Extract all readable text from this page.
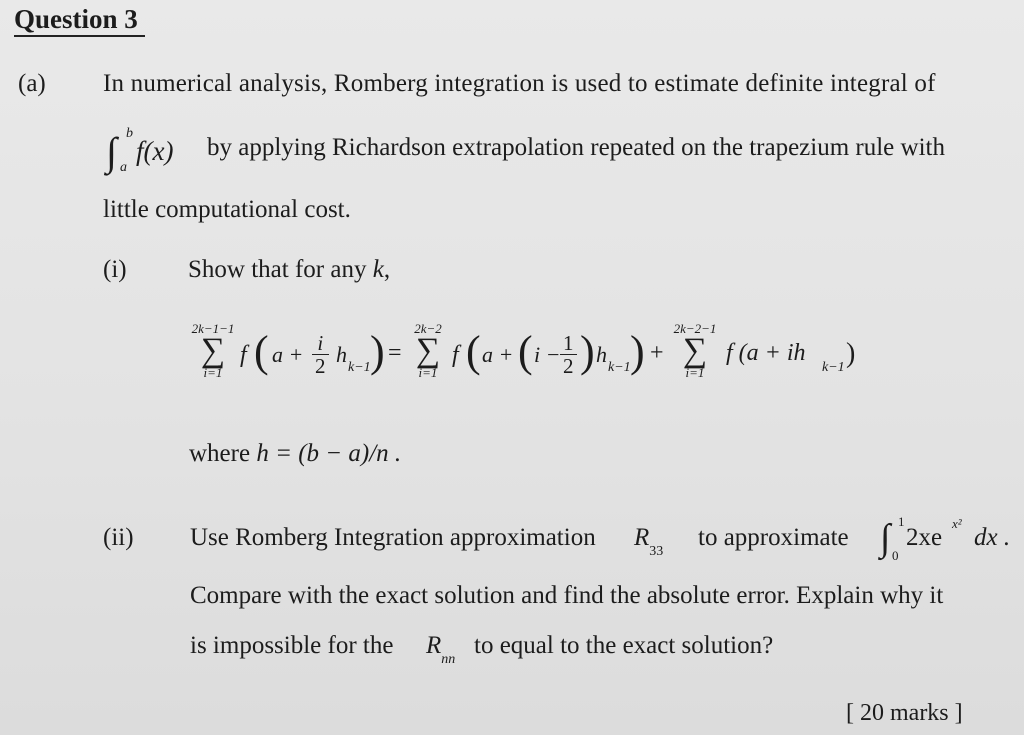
Question 3
(a) In numerical analysis, Romberg integration is used to estimate definite integral of
∫ b
a
f(x) by applying Richardson extrapolation repeated on the trapezium rule with
little computational cost.
(i) Show that for any k,
2k−1−1
∑
i=1
f ( $a + \frac{i}{2}$ h
k−1 ) =
2k−2
∑
i=1
f ( a + ( $i - \frac{1}{2}$ ) h
k−1 ) +
2k−2−1
∑
i=1
f (a + ih
k−1 )
where h = (b − a)/n .
(ii) Use Romberg Integration approximation $R_{33}$
to approximate ∫ 1
0
2xe
x²
dx .
Compare with the exact solution and find the absolute error. Explain why it
is impossible for the $R_{nn}$
to equal to the exact solution?
[ 20 marks ]
